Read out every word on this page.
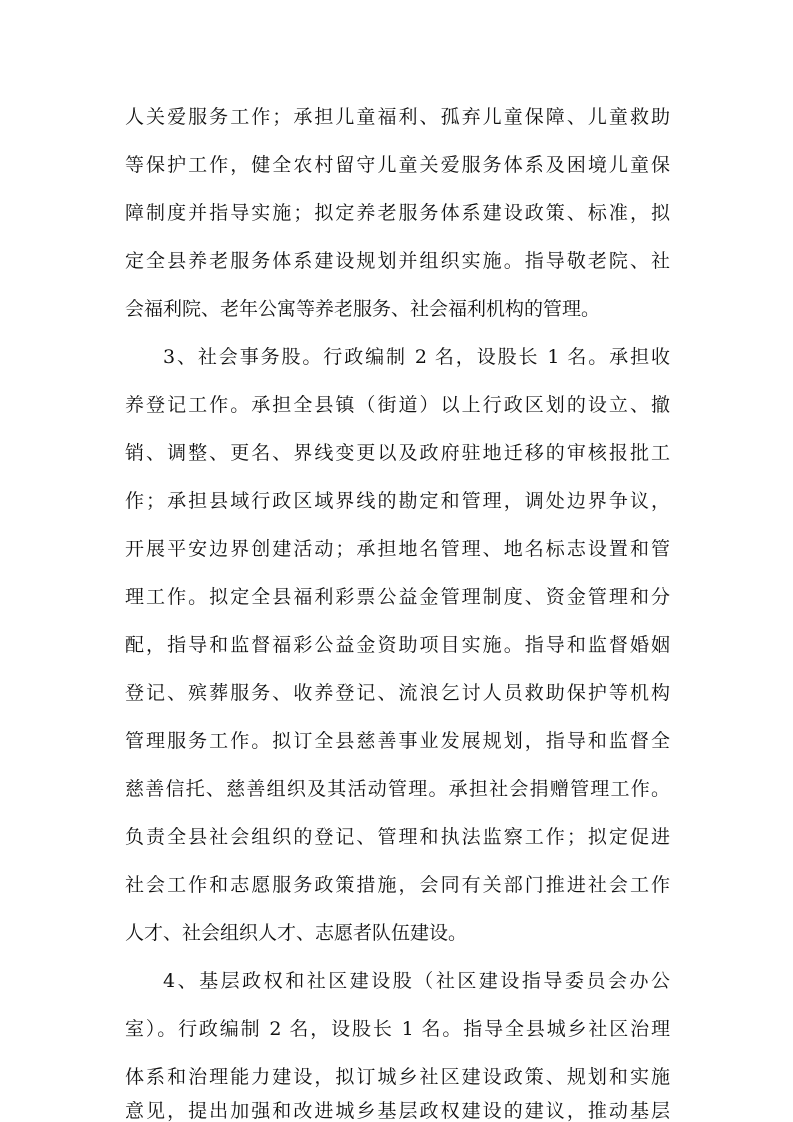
人关爱服务工作；承担儿童福利、孤弃儿童保障、儿童救助
等保护工作，健全农村留守儿童关爱服务体系及困境儿童保
障制度并指导实施；拟定养老服务体系建设政策、标准，拟
定全县养老服务体系建设规划并组织实施。指导敬老院、社
会福利院、老年公寓等养老服务、社会福利机构的管理。
3、社会事务股。行政编制 2 名，设股长 1 名。承担收
养登记工作。承担全县镇（街道）以上行政区划的设立、撤
销、调整、更名、界线变更以及政府驻地迁移的审核报批工
作；承担县域行政区域界线的勘定和管理，调处边界争议，
开展平安边界创建活动；承担地名管理、地名标志设置和管
理工作。拟定全县福利彩票公益金管理制度、资金管理和分
配，指导和监督福彩公益金资助项目实施。指导和监督婚姻
登记、殡葬服务、收养登记、流浪乞讨人员救助保护等机构
管理服务工作。拟订全县慈善事业发展规划，指导和监督全
慈善信托、慈善组织及其活动管理。承担社会捐赠管理工作。
负责全县社会组织的登记、管理和执法监察工作；拟定促进
社会工作和志愿服务政策措施，会同有关部门推进社会工作
人才、社会组织人才、志愿者队伍建设。
4、基层政权和社区建设股（社区建设指导委员会办公
室）。行政编制 2 名，设股长 1 名。指导全县城乡社区治理
体系和治理能力建设，拟订城乡社区建设政策、规划和实施
意见，提出加强和改进城乡基层政权建设的建议，推动基层
